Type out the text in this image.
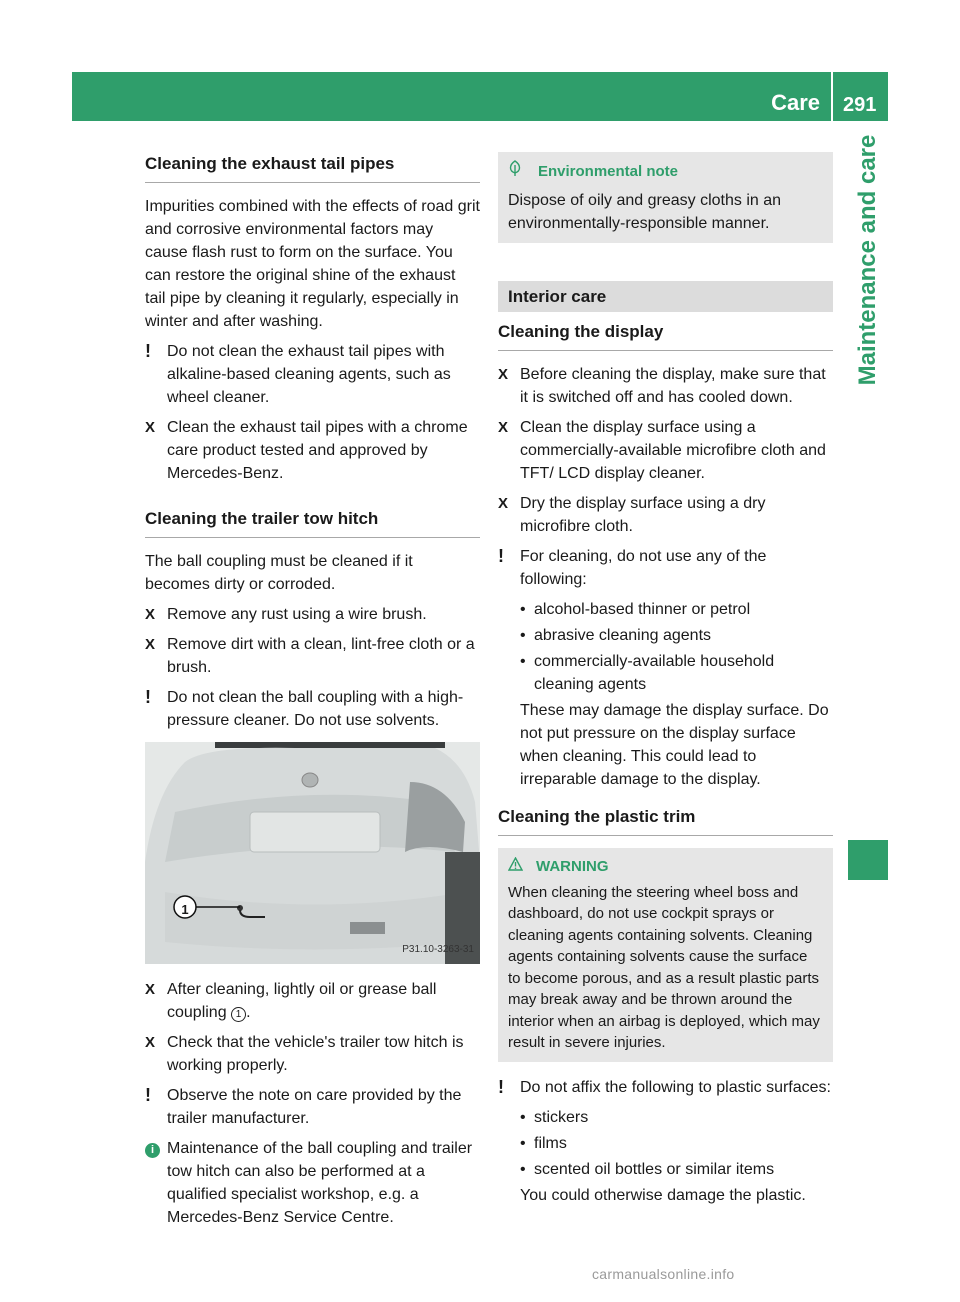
Care 291
Maintenance and care
Cleaning the exhaust tail pipes

Impurities combined with the effects of road grit and corrosive environmental factors may cause flash rust to form on the surface. You can restore the original shine of the exhaust tail pipe by cleaning it regularly, especially in winter and after washing.

! Do not clean the exhaust tail pipes with alkaline-based cleaning agents, such as wheel cleaner.
X Clean the exhaust tail pipes with a chrome care product tested and approved by Mercedes-Benz.
Cleaning the trailer tow hitch

The ball coupling must be cleaned if it becomes dirty or corroded.

X Remove any rust using a wire brush.
X Remove dirt with a clean, lint-free cloth or a brush.
! Do not clean the ball coupling with a high-pressure cleaner. Do not use solvents.
1
P31.10-3263-31
X After cleaning, lightly oil or grease ball coupling 1 .
X Check that the vehicle's trailer tow hitch is working properly.
! Observe the note on care provided by the trailer manufacturer.
i Maintenance of the ball coupling and trailer tow hitch can also be performed at a qualified specialist workshop, e.g. a Mercedes-Benz Service Centre.
Environmental note
Dispose of oily and greasy cloths in an environmentally-responsible manner.
Interior care
Cleaning the display
X Before cleaning the display, make sure that it is switched off and has cooled down.
X Clean the display surface using a commercially-available microfibre cloth and TFT/ LCD display cleaner.
X Dry the display surface using a dry microfibre cloth.
! For cleaning, do not use any of the following:
• alcohol-based thinner or petrol
• abrasive cleaning agents
• commercially-available household cleaning agents

These may damage the display surface. Do not put pressure on the display surface when cleaning. This could lead to irreparable damage to the display.

Cleaning the plastic trim
WARNING
When cleaning the steering wheel boss and dashboard, do not use cockpit sprays or cleaning agents containing solvents. Cleaning agents containing solvents cause the surface to become porous, and as a result plastic parts may break away and be thrown around the interior when an airbag is deployed, which may result in severe injuries.
! Do not affix the following to plastic surfaces:
• stickers
• films
• scented oil bottles or similar items

You could otherwise damage the plastic.

carmanualsonline.info
